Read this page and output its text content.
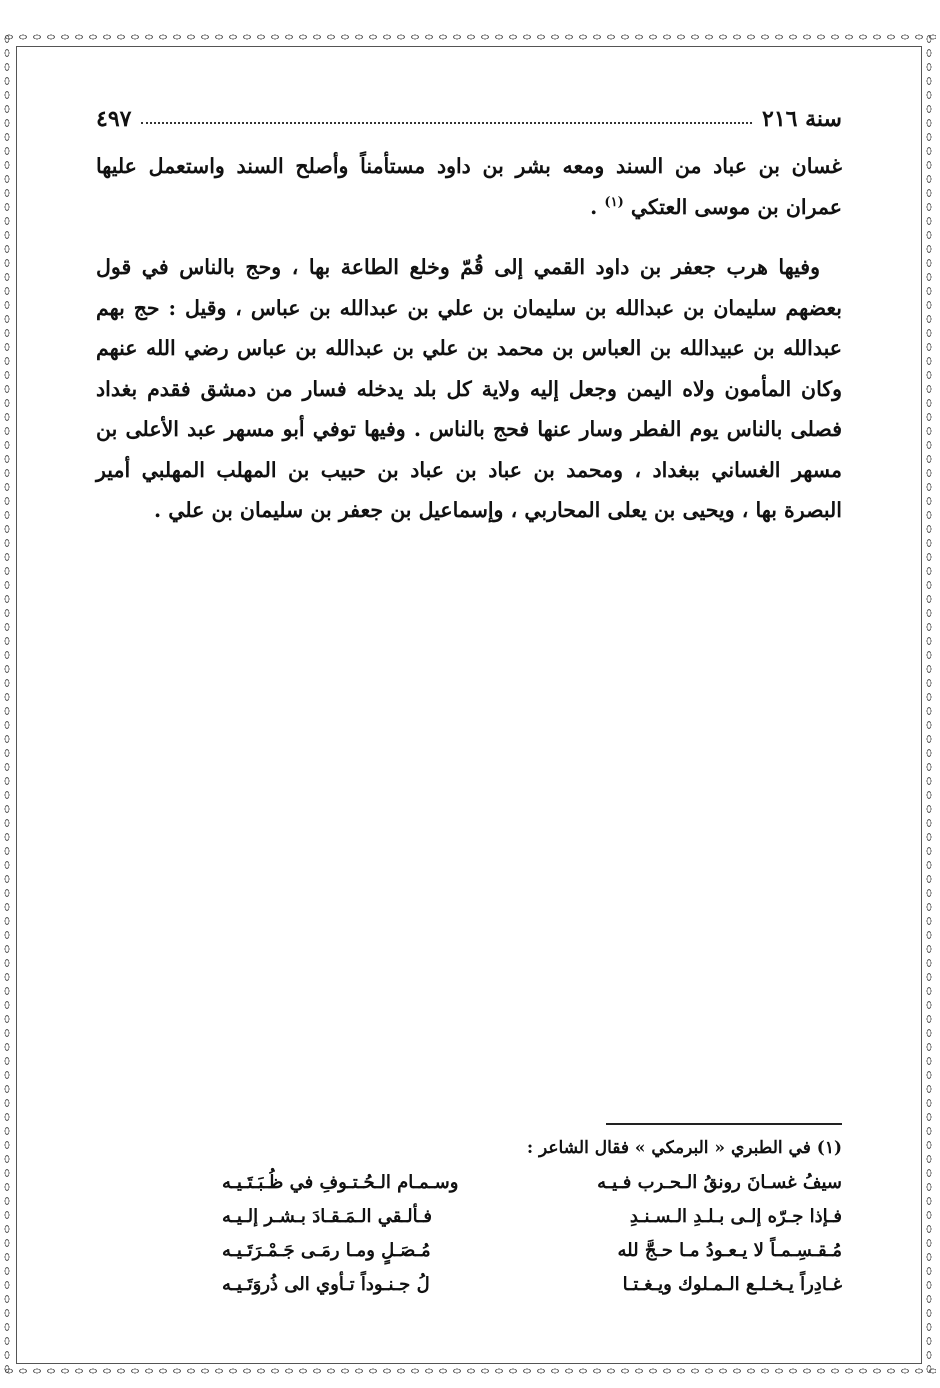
سنة ٢١٦
٤٩٧

غسان بن عباد من السند ومعه بشر بن داود مستأمناً وأصلح السند واستعمل عليها عمران بن موسى العتكي $^{(١)}$ .

وفيها هرب جعفر بن داود القمي إلى قُمّ وخلع الطاعة بها ، وحج بالناس في قول بعضهم سليمان بن عبدالله بن سليمان بن علي بن عبدالله بن عباس ، وقيل : حج بهم عبدالله بن عبيدالله بن العباس بن محمد بن علي بن عبدالله بن عباس رضي الله عنهم وكان المأمون ولاه اليمن وجعل إليه ولاية كل بلد يدخله فسار من دمشق فقدم بغداد فصلى بالناس يوم الفطر وسار عنها فحج بالناس . وفيها توفي أبو مسهر عبد الأعلى بن مسهر الغساني ببغداد ، ومحمد بن عباد بن عباد بن حبيب بن المهلب المهلبي أمير البصرة بها ، ويحيى بن يعلى المحاربي ، وإسماعيل بن جعفر بن سليمان بن علي .

(١) في الطبري « البرمكي » فقال الشاعر :
سيفُ غسـانَ رونقُ الـحـرب فـيـه
وسـمـام الـحُـتـوفِ في ظُـبَـتَـيـه
فـإذا جـرّه إلـى بـلـدِ الـسـنـدِ
فـألـقي الـمَـقـادَ بـشـر إلـيـه
مُـقـسِـمـاً لا يـعـودُ مـا حـجَّ لله
مُـصَـلٍ ومـا رمَـى جَـمْـرَتَـيـه
غـادِراً يـخـلـع الـمـلوك ويـغـتـا
لُ جـنـوداً تـأوي الى ذُروَتَـيـه
